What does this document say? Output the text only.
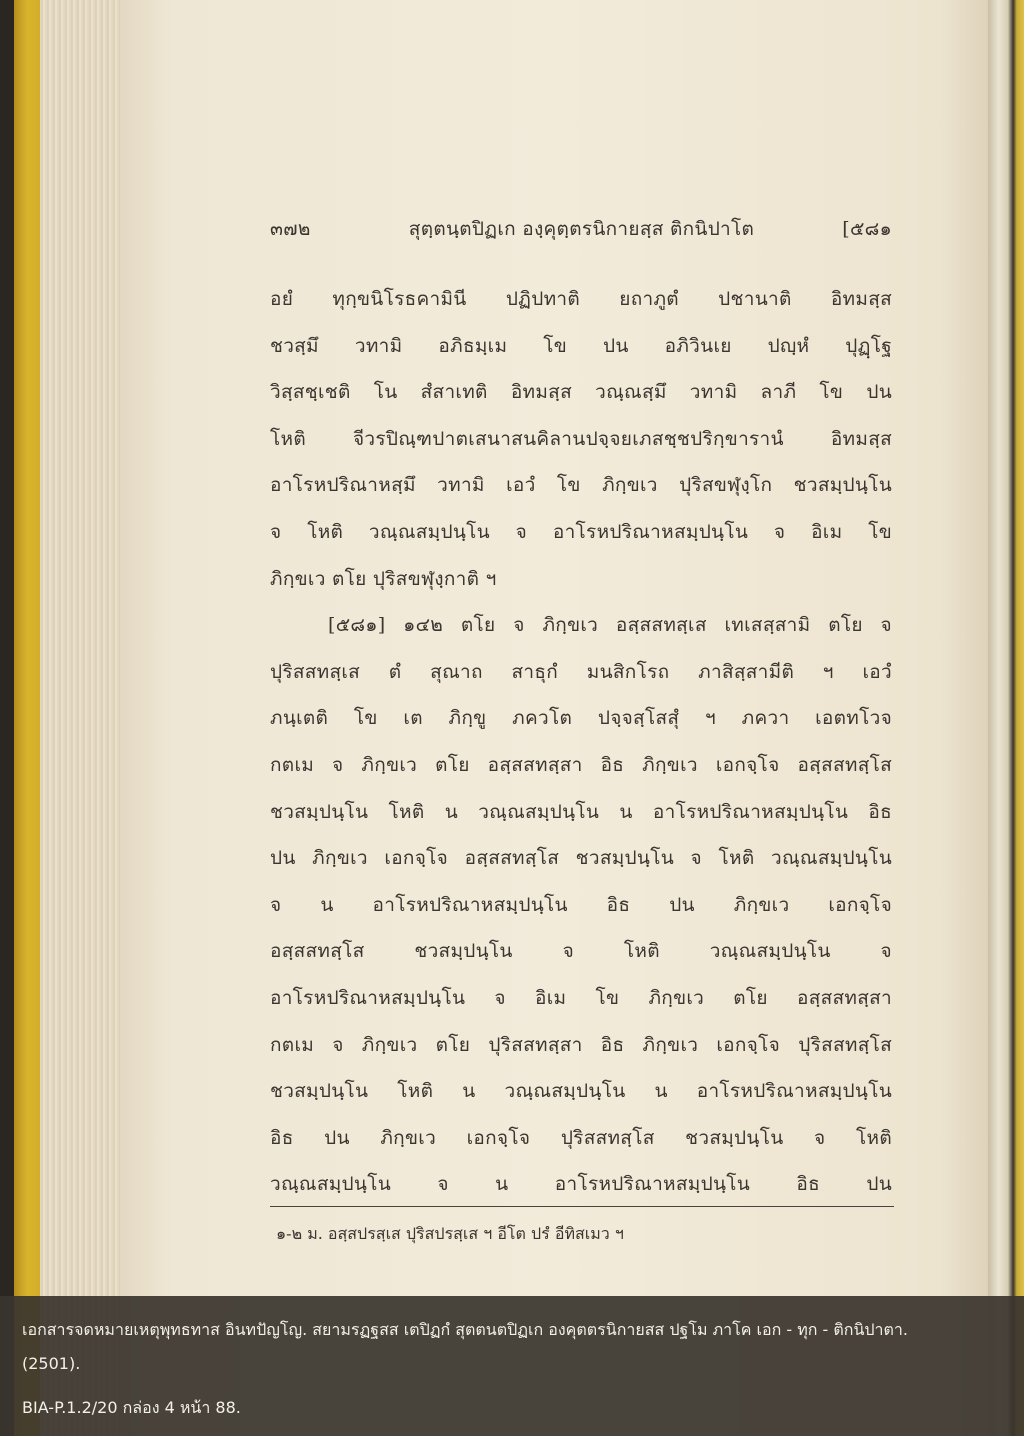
๓๗๒	สุตฺตนฺตปิฏเก องฺคุตฺตรนิกายสฺส ติกนิปาโต	[๕๘๑
อยํ ทุกฺขนิโรธคามินี ปฏิปทาติ ยถาภูตํ ปชานาติ อิทมสฺส
ชวสฺมึ วทามิ อภิธมฺเม โข ปน อภิวินเย ปญฺหํ ปุฏฺโฐ
วิสฺสชฺเชติ โน สํสาเทติ อิทมสฺส วณฺณสฺมึ วทามิ ลาภี โข ปน
โหติ จีวรปิณฺฑปาตเสนาสนคิลานปจฺจยเภสชฺชปริกฺขารานํ อิทมสฺส
อาโรหปริณาหสฺมึ วทามิ เอวํ โข ภิกฺขเว ปุริสขฬุงฺโก ชวสมฺปนฺโน
จ โหติ วณฺณสมฺปนฺโน จ อาโรหปริณาหสมฺปนฺโน จ อิเม โข
ภิกฺขเว ตโย ปุริสขฬุงฺกาติ ฯ
[๕๘๑] ๑๔๒ ตโย จ ภิกฺขเว อสฺสสทสฺเส เทเสสฺสามิ ตโย จ
ปุริสสทสฺเส ตํ สุณาถ สาธุกํ มนสิกโรถ ภาสิสฺสามีติ ฯ เอวํ
ภนฺเตติ โข เต ภิกฺขู ภควโต ปจฺจสฺโสสุํ ฯ ภควา เอตทโวจ
กตเม จ ภิกฺขเว ตโย อสฺสสทสฺสา อิธ ภิกฺขเว เอกจฺโจ อสฺสสทสฺโส
ชวสมฺปนฺโน โหติ น วณฺณสมฺปนฺโน น อาโรหปริณาหสมฺปนฺโน อิธ
ปน ภิกฺขเว เอกจฺโจ อสฺสสทสฺโส ชวสมฺปนฺโน จ โหติ วณฺณสมฺปนฺโน
จ น อาโรหปริณาหสมฺปนฺโน อิธ ปน ภิกฺขเว เอกจฺโจ
อสฺสสทสฺโส ชวสมฺปนฺโน จ โหติ วณฺณสมฺปนฺโน จ
อาโรหปริณาหสมฺปนฺโน จ อิเม โข ภิกฺขเว ตโย อสฺสสทสฺสา
กตเม จ ภิกฺขเว ตโย ปุริสสทสฺสา อิธ ภิกฺขเว เอกจฺโจ ปุริสสทสฺโส
ชวสมฺปนฺโน โหติ น วณฺณสมฺปนฺโน น อาโรหปริณาหสมฺปนฺโน
อิธ ปน ภิกฺขเว เอกจฺโจ ปุริสสทสฺโส ชวสมฺปนฺโน จ โหติ
วณฺณสมฺปนฺโน จ น อาโรหปริณาหสมฺปนฺโน อิธ ปน
๑-๒ ม. อสฺสปรสฺเส ปุริสปรสฺเส ฯ อีโต ปรํ อีทิสเมว ฯ
เอกสารจดหมายเหตุพุทธทาส อินทปัญโญ. สยามรฏฐสส เตปิฏกํ สุตตนตปิฏเก องคุตตรนิกายสส ปฐโม ภาโค เอก - ทุก - ติกนิปาตา.
(2501).
BIA-P.1.2/20 กล่อง 4 หน้า 88.
